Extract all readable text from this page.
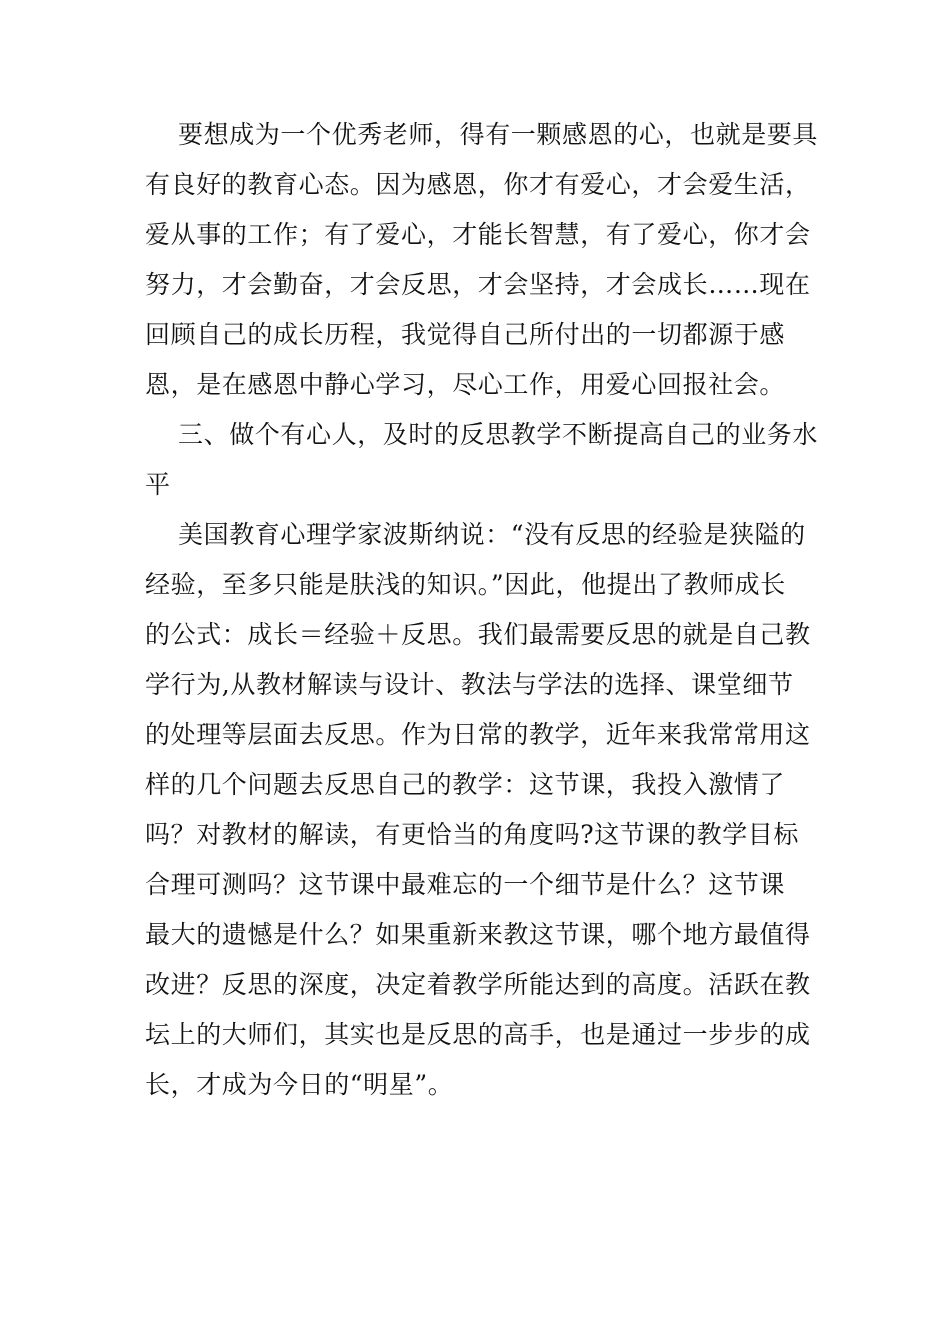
要想成为一个优秀老师，得有一颗感恩的心，也就是要具
有良好的教育心态。因为感恩，你才有爱心，才会爱生活，
爱从事的工作；有了爱心，才能长智慧，有了爱心，你才会
努力，才会勤奋，才会反思，才会坚持，才会成长……现在
回顾自己的成长历程，我觉得自己所付出的一切都源于感
恩，是在感恩中静心学习，尽心工作，用爱心回报社会。
三、做个有心人，及时的反思教学不断提高自己的业务水
平
美国教育心理学家波斯纳说：“没有反思的经验是狭隘的
经验，至多只能是肤浅的知识。”因此，他提出了教师成长
的公式：成长＝经验＋反思。我们最需要反思的就是自己教
学行为,从教材解读与设计、教法与学法的选择、课堂细节
的处理等层面去反思。作为日常的教学，近年来我常常用这
样的几个问题去反思自己的教学：这节课，我投入激情了
吗？对教材的解读，有更恰当的角度吗?这节课的教学目标
合理可测吗？这节课中最难忘的一个细节是什么？这节课
最大的遗憾是什么？如果重新来教这节课，哪个地方最值得
改进？反思的深度，决定着教学所能达到的高度。活跃在教
坛上的大师们，其实也是反思的高手，也是通过一步步的成
长，才成为今日的“明星”。
